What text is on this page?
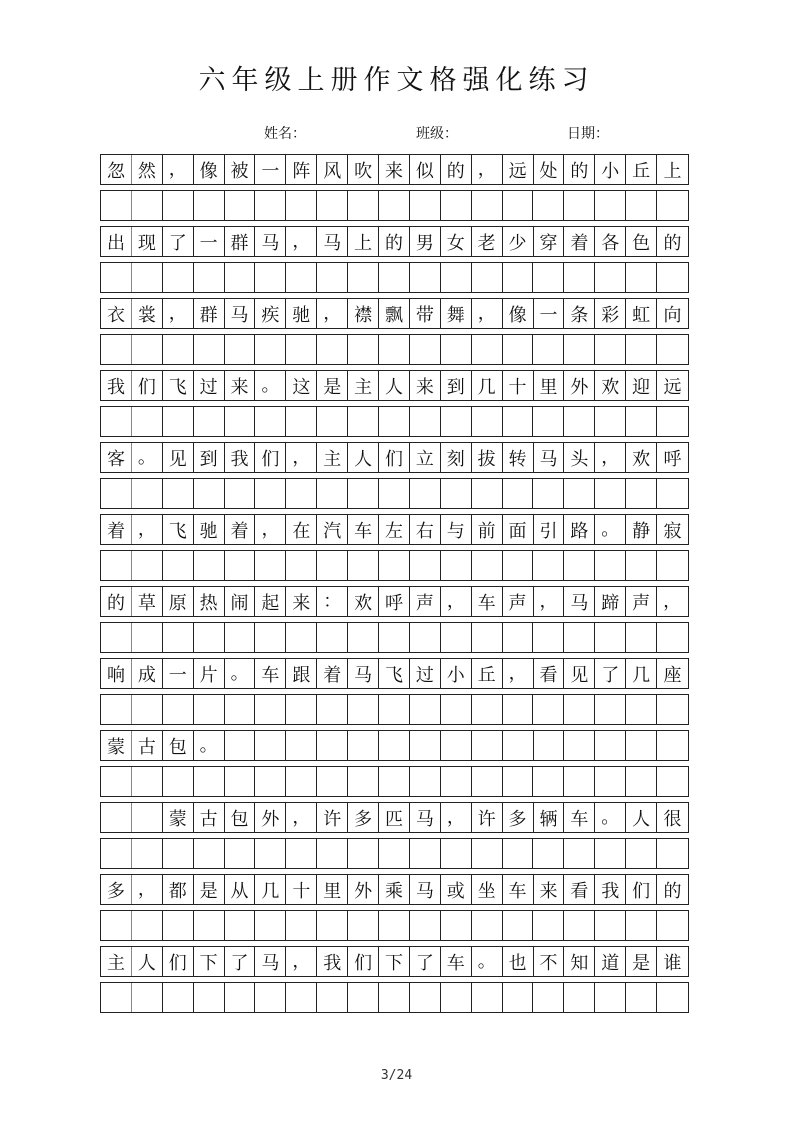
六年级上册作文格强化练习
姓名：	班级：	日期：
忽 然 ， 像 被 一 阵 风 吹 来 似 的 ， 远 处 的 小 丘 上
出 现 了 一 群 马 ， 马 上 的 男 女 老 少 穿 着 各 色 的
衣 裳 ， 群 马 疾 驰 ， 襟 飘 带 舞 ， 像 一 条 彩 虹 向
我 们 飞 过 来 。 这 是 主 人 来 到 几 十 里 外 欢 迎 远
客 。 见 到 我 们 ， 主 人 们 立 刻 拔 转 马 头 ， 欢 呼
着 ， 飞 驰 着 ， 在 汽 车 左 右 与 前 面 引 路 。 静 寂
的 草 原 热 闹 起 来 ： 欢 呼 声 ， 车 声 ， 马 蹄 声 ，
响 成 一 片 。 车 跟 着 马 飞 过 小 丘 ， 看 见 了 几 座
蒙 古 包 。
蒙 古 包 外 ， 许 多 匹 马 ， 许 多 辆 车 。 人 很
多 ， 都 是 从 几 十 里 外 乘 马 或 坐 车 来 看 我 们 的
主 人 们 下 了 马 ， 我 们 下 了 车 。 也 不 知 道 是 谁
3/24
